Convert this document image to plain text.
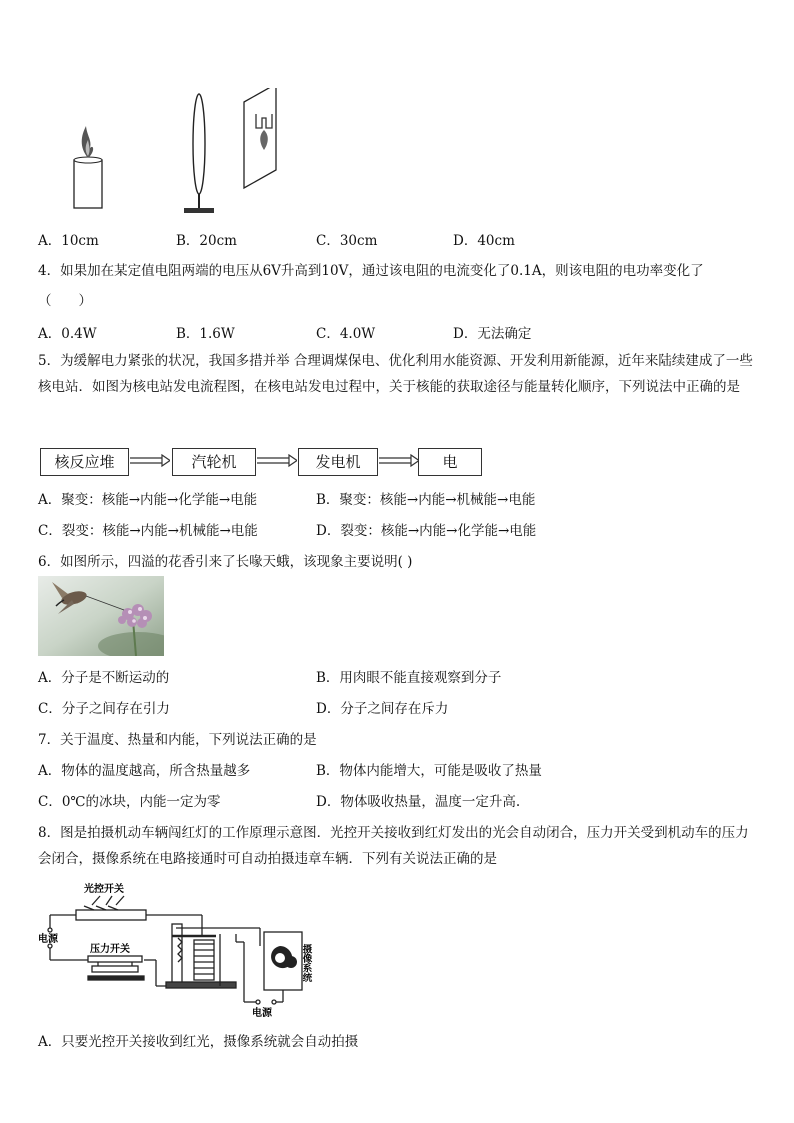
A．10cm	B．20cm	C．30cm	D．40cm
4．如果加在某定值电阻两端的电压从6V升高到10V，通过该电阻的电流变化了0.1A，则该电阻的电功率变化了
（　　）
A．0.4W	B．1.6W	C．4.0W	D．无法确定
5．为缓解电力紧张的状况，我国多措并举 合理调煤保电、优化利用水能资源、开发利用新能源，近年来陆续建成了一些核电站．如图为核电站发电流程图，在核电站发电过程中，关于核能的获取途径与能量转化顺序，下列说法中正确的是
核反应堆	汽轮机	发电机	电
A．聚变：核能→内能→化学能→电能	B．聚变：核能→内能→机械能→电能
C．裂变：核能→内能→机械能→电能	D．裂变：核能→内能→化学能→电能
6．如图所示，四溢的花香引来了长喙天蛾，该现象主要说明( )
A．分子是不断运动的	B．用肉眼不能直接观察到分子
C．分子之间存在引力	D．分子之间存在斥力
7．关于温度、热量和内能，下列说法正确的是
A．物体的温度越高，所含热量越多	B．物体内能增大，可能是吸收了热量
C．0℃的冰块，内能一定为零	D．物体吸收热量，温度一定升高.
8．图是拍摄机动车辆闯红灯的工作原理示意图．光控开关接收到红灯发出的光会自动闭合，压力开关受到机动车的压力会闭合，摄像系统在电路接通时可自动拍摄违章车辆．下列有关说法正确的是
光控开关
电源
压力开关	摄像系统
电源
A．只要光控开关接收到红光，摄像系统就会自动拍摄
